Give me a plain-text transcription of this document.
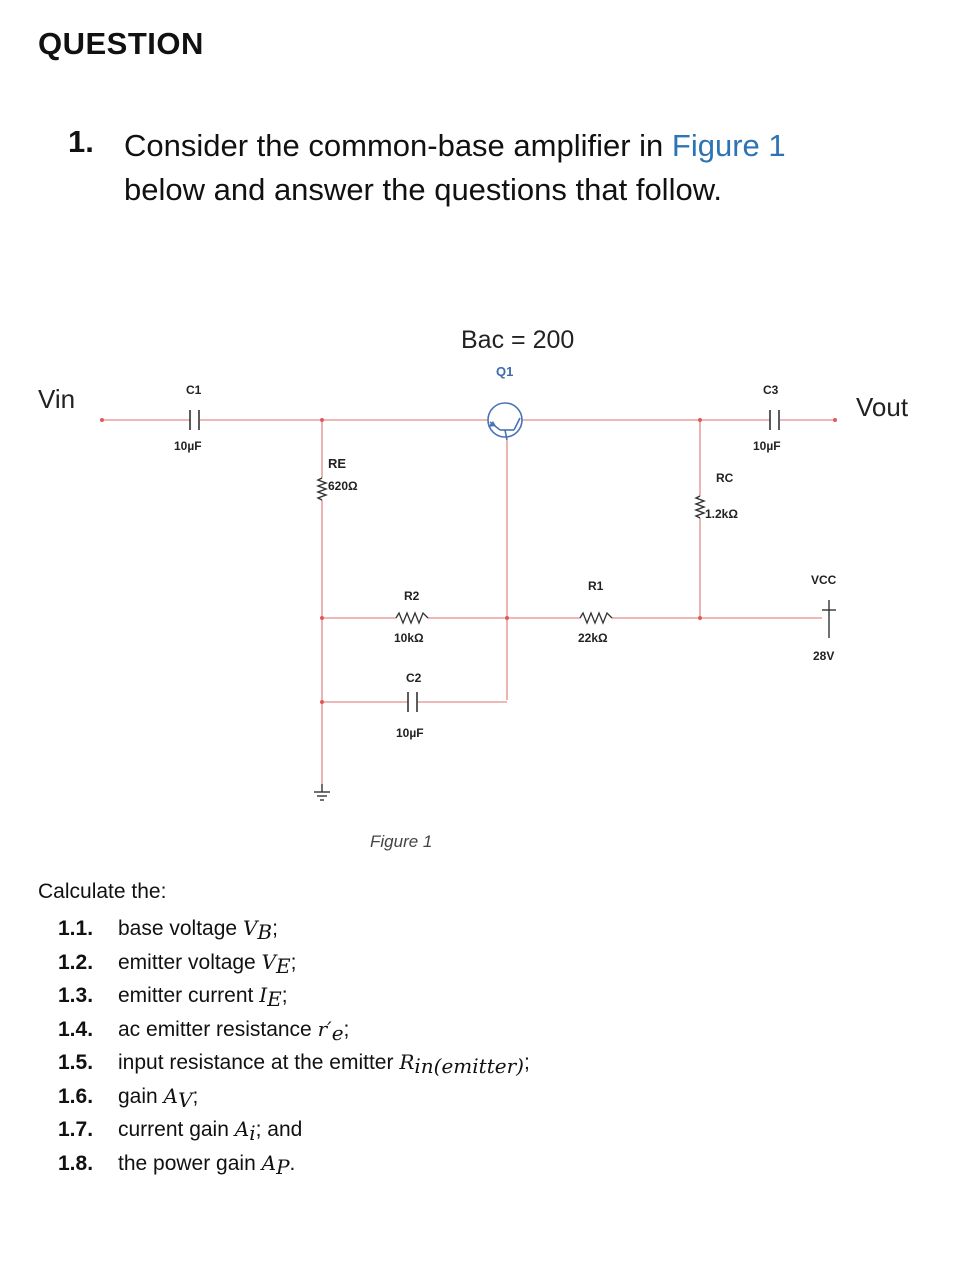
QUESTION
1. Consider the common-base amplifier in Figure 1 below and answer the questions that follow.
Vin	Vout
Bac = 200
Q1
C1
10µF
C3
10µF
C2
10µF
RE
620Ω
RC
1.2kΩ
R2
10kΩ
R1
22kΩ
VCC
28V
Figure 1
Calculate the:
1.1. base voltage $V_B$;
1.2. emitter voltage $V_E$;
1.3. emitter current $I_E$;
1.4. ac emitter resistance $r'_e$;
1.5. input resistance at the emitter $R_{in(emitter)}$;
1.6. gain $A_V$;
1.7. current gain $A_i$; and
1.8. the power gain $A_P$.
